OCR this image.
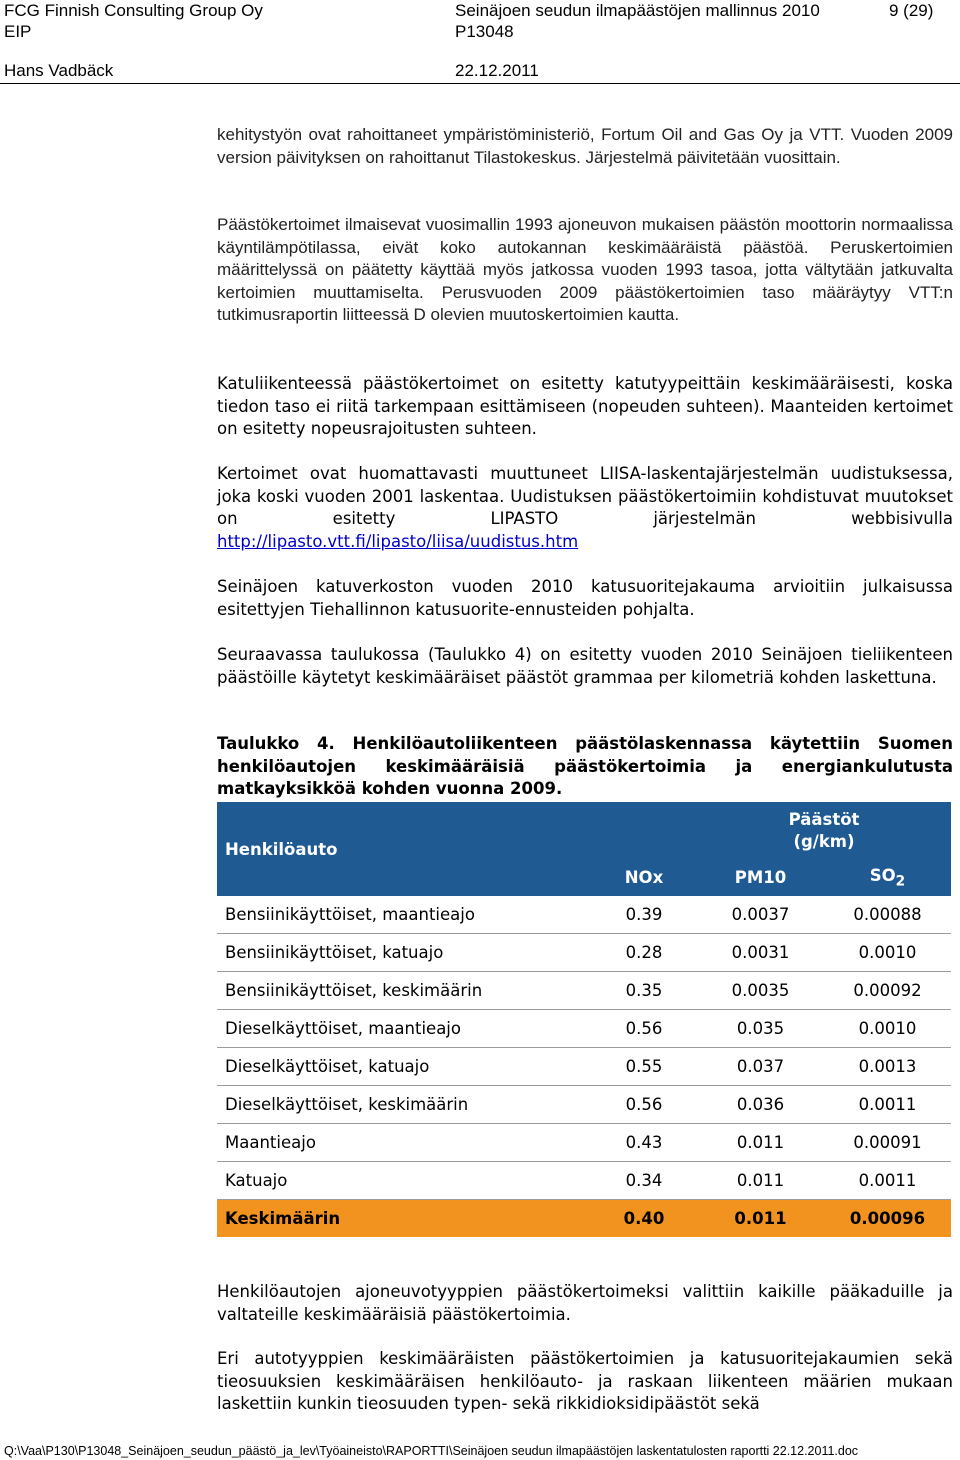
FCG Finnish Consulting Group Oy	Seinäjoen seudun ilmapäästöjen mallinnus 2010	9 (29)
EIP	P13048
Hans Vadbäck	22.12.2011
kehitystyön ovat rahoittaneet ympäristöministeriö, Fortum Oil and Gas Oy ja VTT. Vuoden 2009 version päivityksen on rahoittanut Tilastokeskus. Järjestelmä päivitetään vuosittain.
Päästökertoimet ilmaisevat vuosimallin 1993 ajoneuvon mukaisen päästön moottorin normaalissa käyntilämpötilassa, eivät koko autokannan keskimääräistä päästöä. Peruskertoimien määrittelyssä on päätetty käyttää myös jatkossa vuoden 1993 tasoa, jotta vältytään jatkuvalta kertoimien muuttamiselta. Perusvuoden 2009 päästökertoimien taso määräytyy VTT:n tutkimusraportin liitteessä D olevien muutoskertoimien kautta.
Katuliikenteessä päästökertoimet on esitetty katutyypeittäin keskimääräisesti, koska tiedon taso ei riitä tarkempaan esittämiseen (nopeuden suhteen). Maanteiden kertoimet on esitetty nopeusrajoitusten suhteen.
Kertoimet ovat huomattavasti muuttuneet LIISA-laskentajärjestelmän uudistuksessa, joka koski vuoden 2001 laskentaa. Uudistuksen päästökertoimiin kohdistuvat muutokset on esitetty LIPASTO järjestelmän webbisivulla http://lipasto.vtt.fi/lipasto/liisa/uudistus.htm
Seinäjoen katuverkoston vuoden 2010 katusuoritejakauma arvioitiin julkaisussa esitettyjen Tiehallinnon katusuorite-ennusteiden pohjalta.
Seuraavassa taulukossa (Taulukko 4) on esitetty vuoden 2010 Seinäjoen tieliikenteen päästöille käytetyt keskimääräiset päästöt grammaa per kilometriä kohden laskettuna.
Taulukko 4. Henkilöautoliikenteen päästölaskennassa käytettiin Suomen henkilöautojen keskimääräisiä päästökertoimia ja energiankulutusta matkayksikköä kohden vuonna 2009.
Henkilöauto		Päästöt
(g/km)	

	NOx	PM10	$SO_2$
Bensiinikäyttöiset, maantieajo	0.39	0.0037	0.00088
Bensiinikäyttöiset, katuajo	0.28	0.0031	0.0010
Bensiinikäyttöiset, keskimäärin	0.35	0.0035	0.00092
Dieselkäyttöiset, maantieajo	0.56	0.035	0.0010
Dieselkäyttöiset, katuajo	0.55	0.037	0.0013
Dieselkäyttöiset, keskimäärin	0.56	0.036	0.0011
Maantieajo	0.43	0.011	0.00091
Katuajo	0.34	0.011	0.0011
Keskimäärin	0.40	0.011	0.00096
Henkilöautojen ajoneuvotyyppien päästökertoimeksi valittiin kaikille pääkaduille ja valtateille keskimääräisiä päästökertoimia.
Eri autotyyppien keskimääräisten päästökertoimien ja katusuoritejakaumien sekä tieosuuksien keskimääräisen henkilöauto- ja raskaan liikenteen määrien mukaan laskettiin kunkin tieosuuden typen- sekä rikkidioksidipäästöt sekä
Q:\Vaa\P130\P13048_Seinäjoen_seudun_päästö_ja_lev\Työaineisto\RAPORTTI\Seinäjoen seudun ilmapäästöjen laskentatulosten raportti 22.12.2011.doc
